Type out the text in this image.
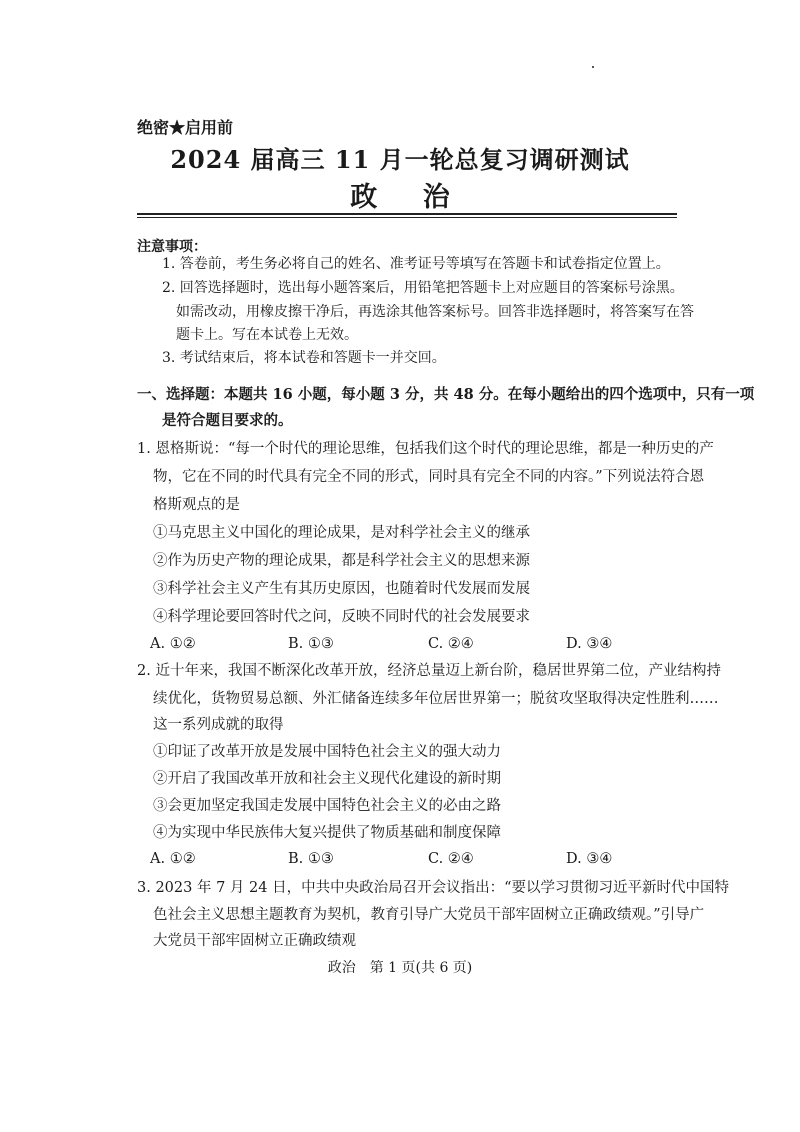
绝密★启用前
2024 届高三 11 月一轮总复习调研测试
政 治
注意事项：
1. 答卷前，考生务必将自己的姓名、准考证号等填写在答题卡和试卷指定位置上。
2. 回答选择题时，选出每小题答案后，用铅笔把答题卡上对应题目的答案标号涂黑。
如需改动，用橡皮擦干净后，再选涂其他答案标号。回答非选择题时，将答案写在答
题卡上。写在本试卷上无效。
3. 考试结束后，将本试卷和答题卡一并交回。
一、选择题：本题共 16 小题，每小题 3 分，共 48 分。在每小题给出的四个选项中，只有一项
是符合题目要求的。
1. 恩格斯说：“每一个时代的理论思维，包括我们这个时代的理论思维，都是一种历史的产
物，它在不同的时代具有完全不同的形式，同时具有完全不同的内容。”下列说法符合恩
格斯观点的是
①马克思主义中国化的理论成果，是对科学社会主义的继承
②作为历史产物的理论成果，都是科学社会主义的思想来源
③科学社会主义产生有其历史原因，也随着时代发展而发展
④科学理论要回答时代之问，反映不同时代的社会发展要求
A. ①②	B. ①③	C. ②④	D. ③④
2. 近十年来，我国不断深化改革开放，经济总量迈上新台阶，稳居世界第二位，产业结构持
续优化，货物贸易总额、外汇储备连续多年位居世界第一；脱贫攻坚取得决定性胜利……
这一系列成就的取得
①印证了改革开放是发展中国特色社会主义的强大动力
②开启了我国改革开放和社会主义现代化建设的新时期
③会更加坚定我国走发展中国特色社会主义的必由之路
④为实现中华民族伟大复兴提供了物质基础和制度保障
A. ①②	B. ①③	C. ②④	D. ③④
3. 2023 年 7 月 24 日，中共中央政治局召开会议指出：“要以学习贯彻习近平新时代中国特
色社会主义思想主题教育为契机，教育引导广大党员干部牢固树立正确政绩观。”引导广
大党员干部牢固树立正确政绩观
政治　第 1 页(共 6 页)
